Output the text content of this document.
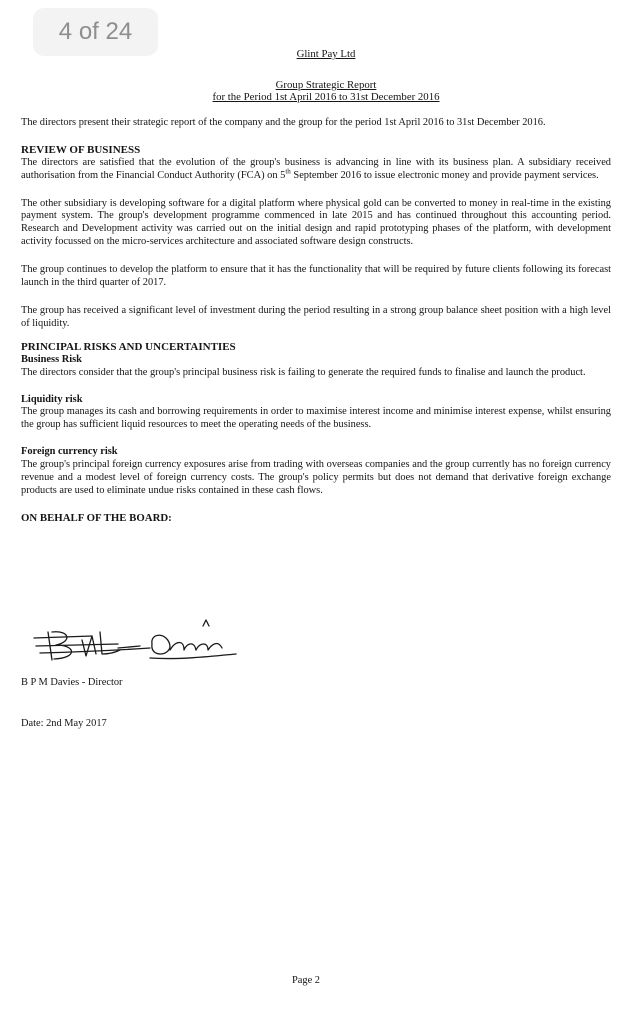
4 of 24
Glint Pay Ltd
Group Strategic Report
for the Period 1st April 2016 to 31st December 2016

The directors present their strategic report of the company and the group for the period 1st April 2016 to 31st December 2016.

REVIEW OF BUSINESS

The directors are satisfied that the evolution of the group's business is advancing in line with its business plan. A subsidiary received authorisation from the Financial Conduct Authority (FCA) on 5th September 2016 to issue electronic money and provide payment services.

The other subsidiary is developing software for a digital platform where physical gold can be converted to money in real-time in the existing payment system. The group's development programme commenced in late 2015 and has continued throughout this accounting period. Research and Development activity was carried out on the initial design and rapid prototyping phases of the platform, with development activity focussed on the micro-services architecture and associated software design constructs.

The group continues to develop the platform to ensure that it has the functionality that will be required by future clients following its forecast launch in the third quarter of 2017.

The group has received a significant level of investment during the period resulting in a strong group balance sheet position with a high level of liquidity.

PRINCIPAL RISKS AND UNCERTAINTIES
Business Risk

The directors consider that the group's principal business risk is failing to generate the required funds to finalise and launch the product.

Liquidity risk

The group manages its cash and borrowing requirements in order to maximise interest income and minimise interest expense, whilst ensuring the group has sufficient liquid resources to meet the operating needs of the business.

Foreign currency risk

The group's principal foreign currency exposures arise from trading with overseas companies and the group currently has no foreign currency revenue and a modest level of foreign currency costs. The group's policy permits but does not demand that derivative foreign exchange products are used to eliminate undue risks contained in these cash flows.

ON BEHALF OF THE BOARD:
B P M Davies - Director
Date: 2nd May 2017
Page 2
